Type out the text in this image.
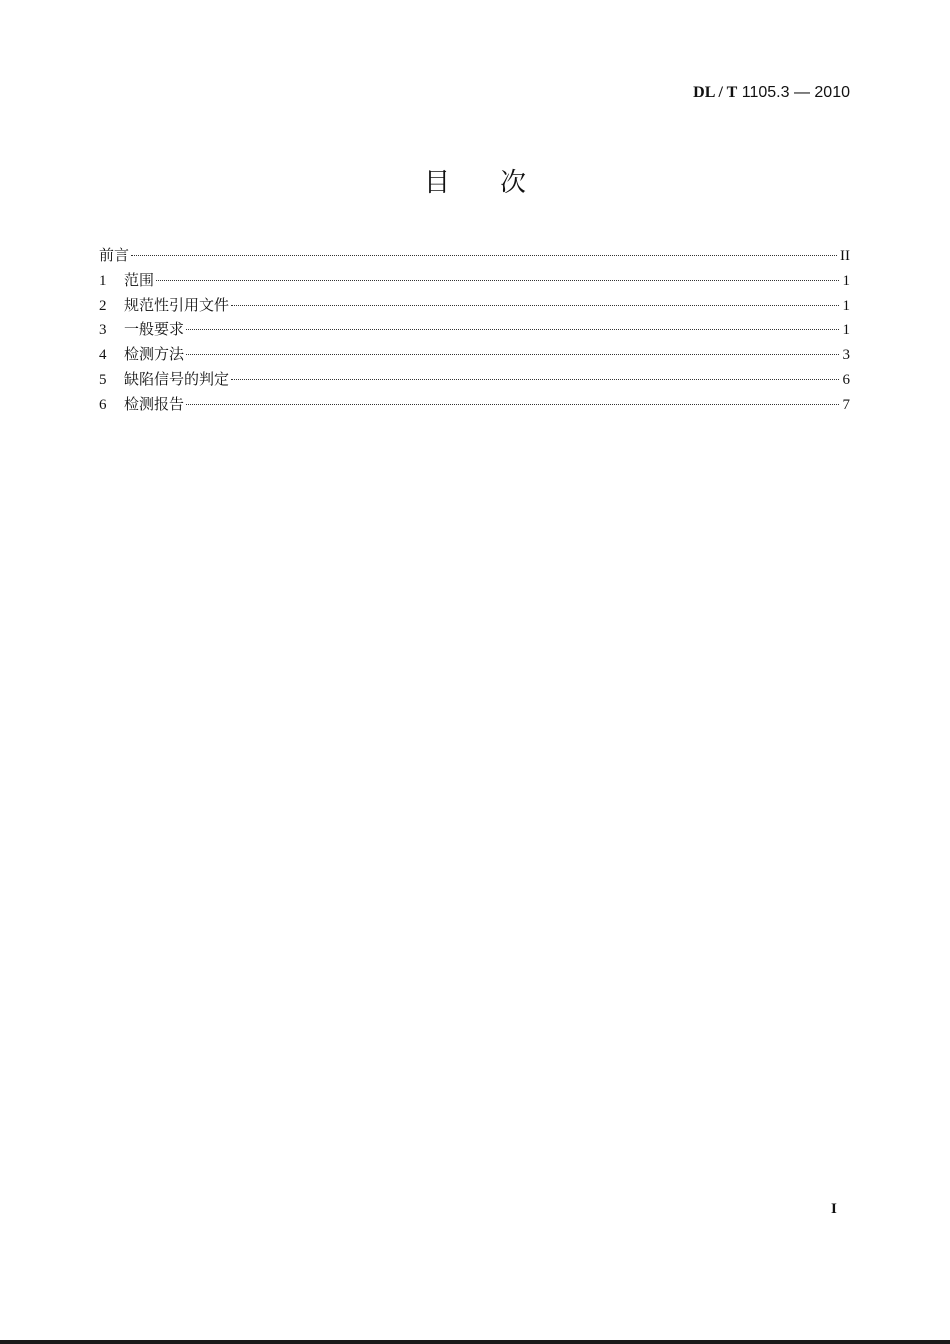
DL / T 1105.3 — 2010
目次
前言	II
1	范围	1
2	规范性引用文件	1
3	一般要求	1
4	检测方法	3
5	缺陷信号的判定	6
6	检测报告	7
I
